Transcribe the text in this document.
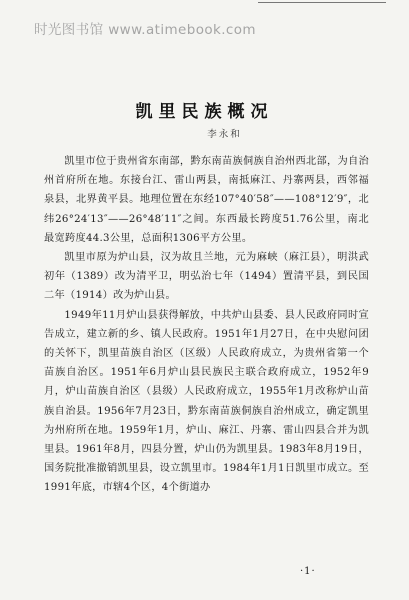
时光图书馆 www.atimebook.com
凯里民族概况
李永和

凯里市位于贵州省东南部，黔东南苗族侗族自治州西北部，为自治州首府所在地。东接台江、雷山两县，南抵麻江、丹寨两县，西邻福泉县，北界黄平县。地理位置在东经107°40′58″——108°12′9″，北纬26°24′13″——26°48′11″之间。东西最长跨度51.76公里，南北最宽跨度44.3公里，总面积1306平方公里。

凯里市原为炉山县，汉为故且兰地，元为麻峡（麻江县），明洪武初年（1389）改为清平卫，明弘治七年（1494）置清平县，到民国二年（1914）改为炉山县。

1949年11月炉山县获得解放，中共炉山县委、县人民政府同时宣告成立，建立新的乡、镇人民政府。1951年1月27日，在中央慰问团的关怀下，凯里苗族自治区（区级）人民政府成立，为贵州省第一个苗族自治区。1951年6月炉山县民族民主联合政府成立，1952年9月，炉山苗族自治区（县级）人民政府成立，1955年1月改称炉山苗族自治县。1956年7月23日，黔东南苗族侗族自治州成立，确定凯里为州府所在地。1959年1月，炉山、麻江、丹寨、雷山四县合并为凯里县。1961年8月，四县分置，炉山仍为凯里县。1983年8月19日，国务院批准撤销凯里县，设立凯里市。1984年1月1日凯里市成立。至1991年底，市辖4个区，4个街道办

·1·
